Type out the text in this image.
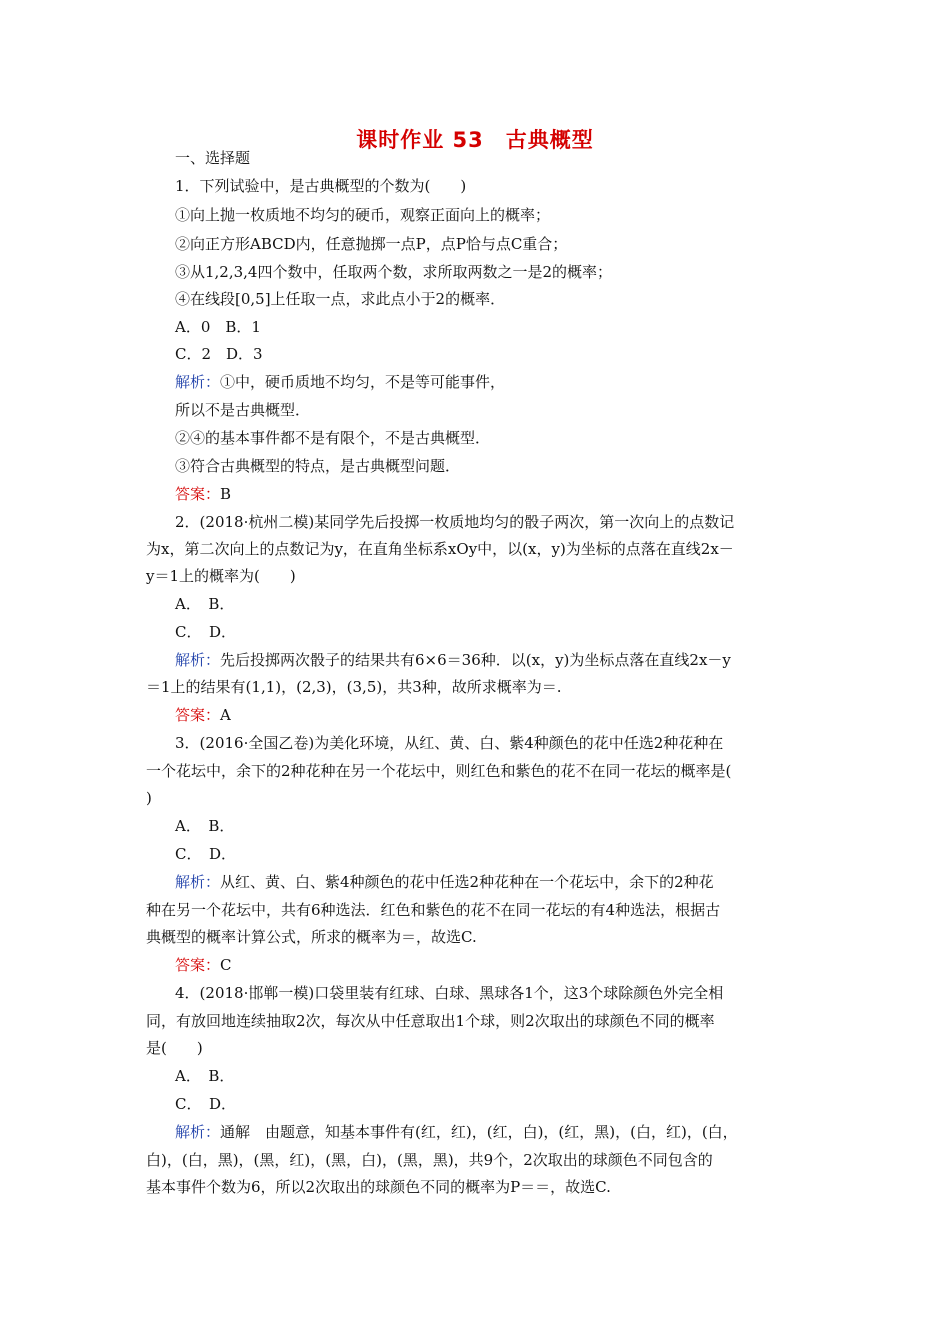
课时作业 53　古典概型
一、选择题
1．下列试验中，是古典概型的个数为(　　)
①向上抛一枚质地不均匀的硬币，观察正面向上的概率；
②向正方形ABCD内，任意抛掷一点P，点P恰与点C重合；
③从1,2,3,4四个数中，任取两个数，求所取两数之一是2的概率；
④在线段[0,5]上任取一点，求此点小于2的概率．
A．0　B．1
C．2　D．3
解析：①中，硬币质地不均匀，不是等可能事件，
所以不是古典概型．
②④的基本事件都不是有限个，不是古典概型．
③符合古典概型的特点，是古典概型问题．
答案：B
2．(2018·杭州二模)某同学先后投掷一枚质地均匀的骰子两次，第一次向上的点数记
为x，第二次向上的点数记为y，在直角坐标系xOy中，以(x，y)为坐标的点落在直线2x－
y＝1上的概率为(　　)
A．　B．
C．　D．
解析：先后投掷两次骰子的结果共有6×6＝36种．以(x，y)为坐标点落在直线2x－y
＝1上的结果有(1,1)，(2,3)，(3,5)，共3种，故所求概率为＝.
答案：A
3．(2016·全国乙卷)为美化环境，从红、黄、白、紫4种颜色的花中任选2种花种在
一个花坛中，余下的2种花种在另一个花坛中，则红色和紫色的花不在同一花坛的概率是(
)
A．　B．
C．　D．
解析：从红、黄、白、紫4种颜色的花中任选2种花种在一个花坛中，余下的2种花
种在另一个花坛中，共有6种选法．红色和紫色的花不在同一花坛的有4种选法，根据古
典概型的概率计算公式，所求的概率为＝，故选C.
答案：C
4．(2018·邯郸一模)口袋里装有红球、白球、黑球各1个，这3个球除颜色外完全相
同，有放回地连续抽取2次，每次从中任意取出1个球，则2次取出的球颜色不同的概率
是(　　)
A．　B．
C．　D．
解析：通解　由题意，知基本事件有(红，红)，(红，白)，(红，黑)，(白，红)，(白，
白)，(白，黑)，(黑，红)，(黑，白)，(黑，黑)，共9个，2次取出的球颜色不同包含的
基本事件个数为6，所以2次取出的球颜色不同的概率为P＝＝，故选C.
